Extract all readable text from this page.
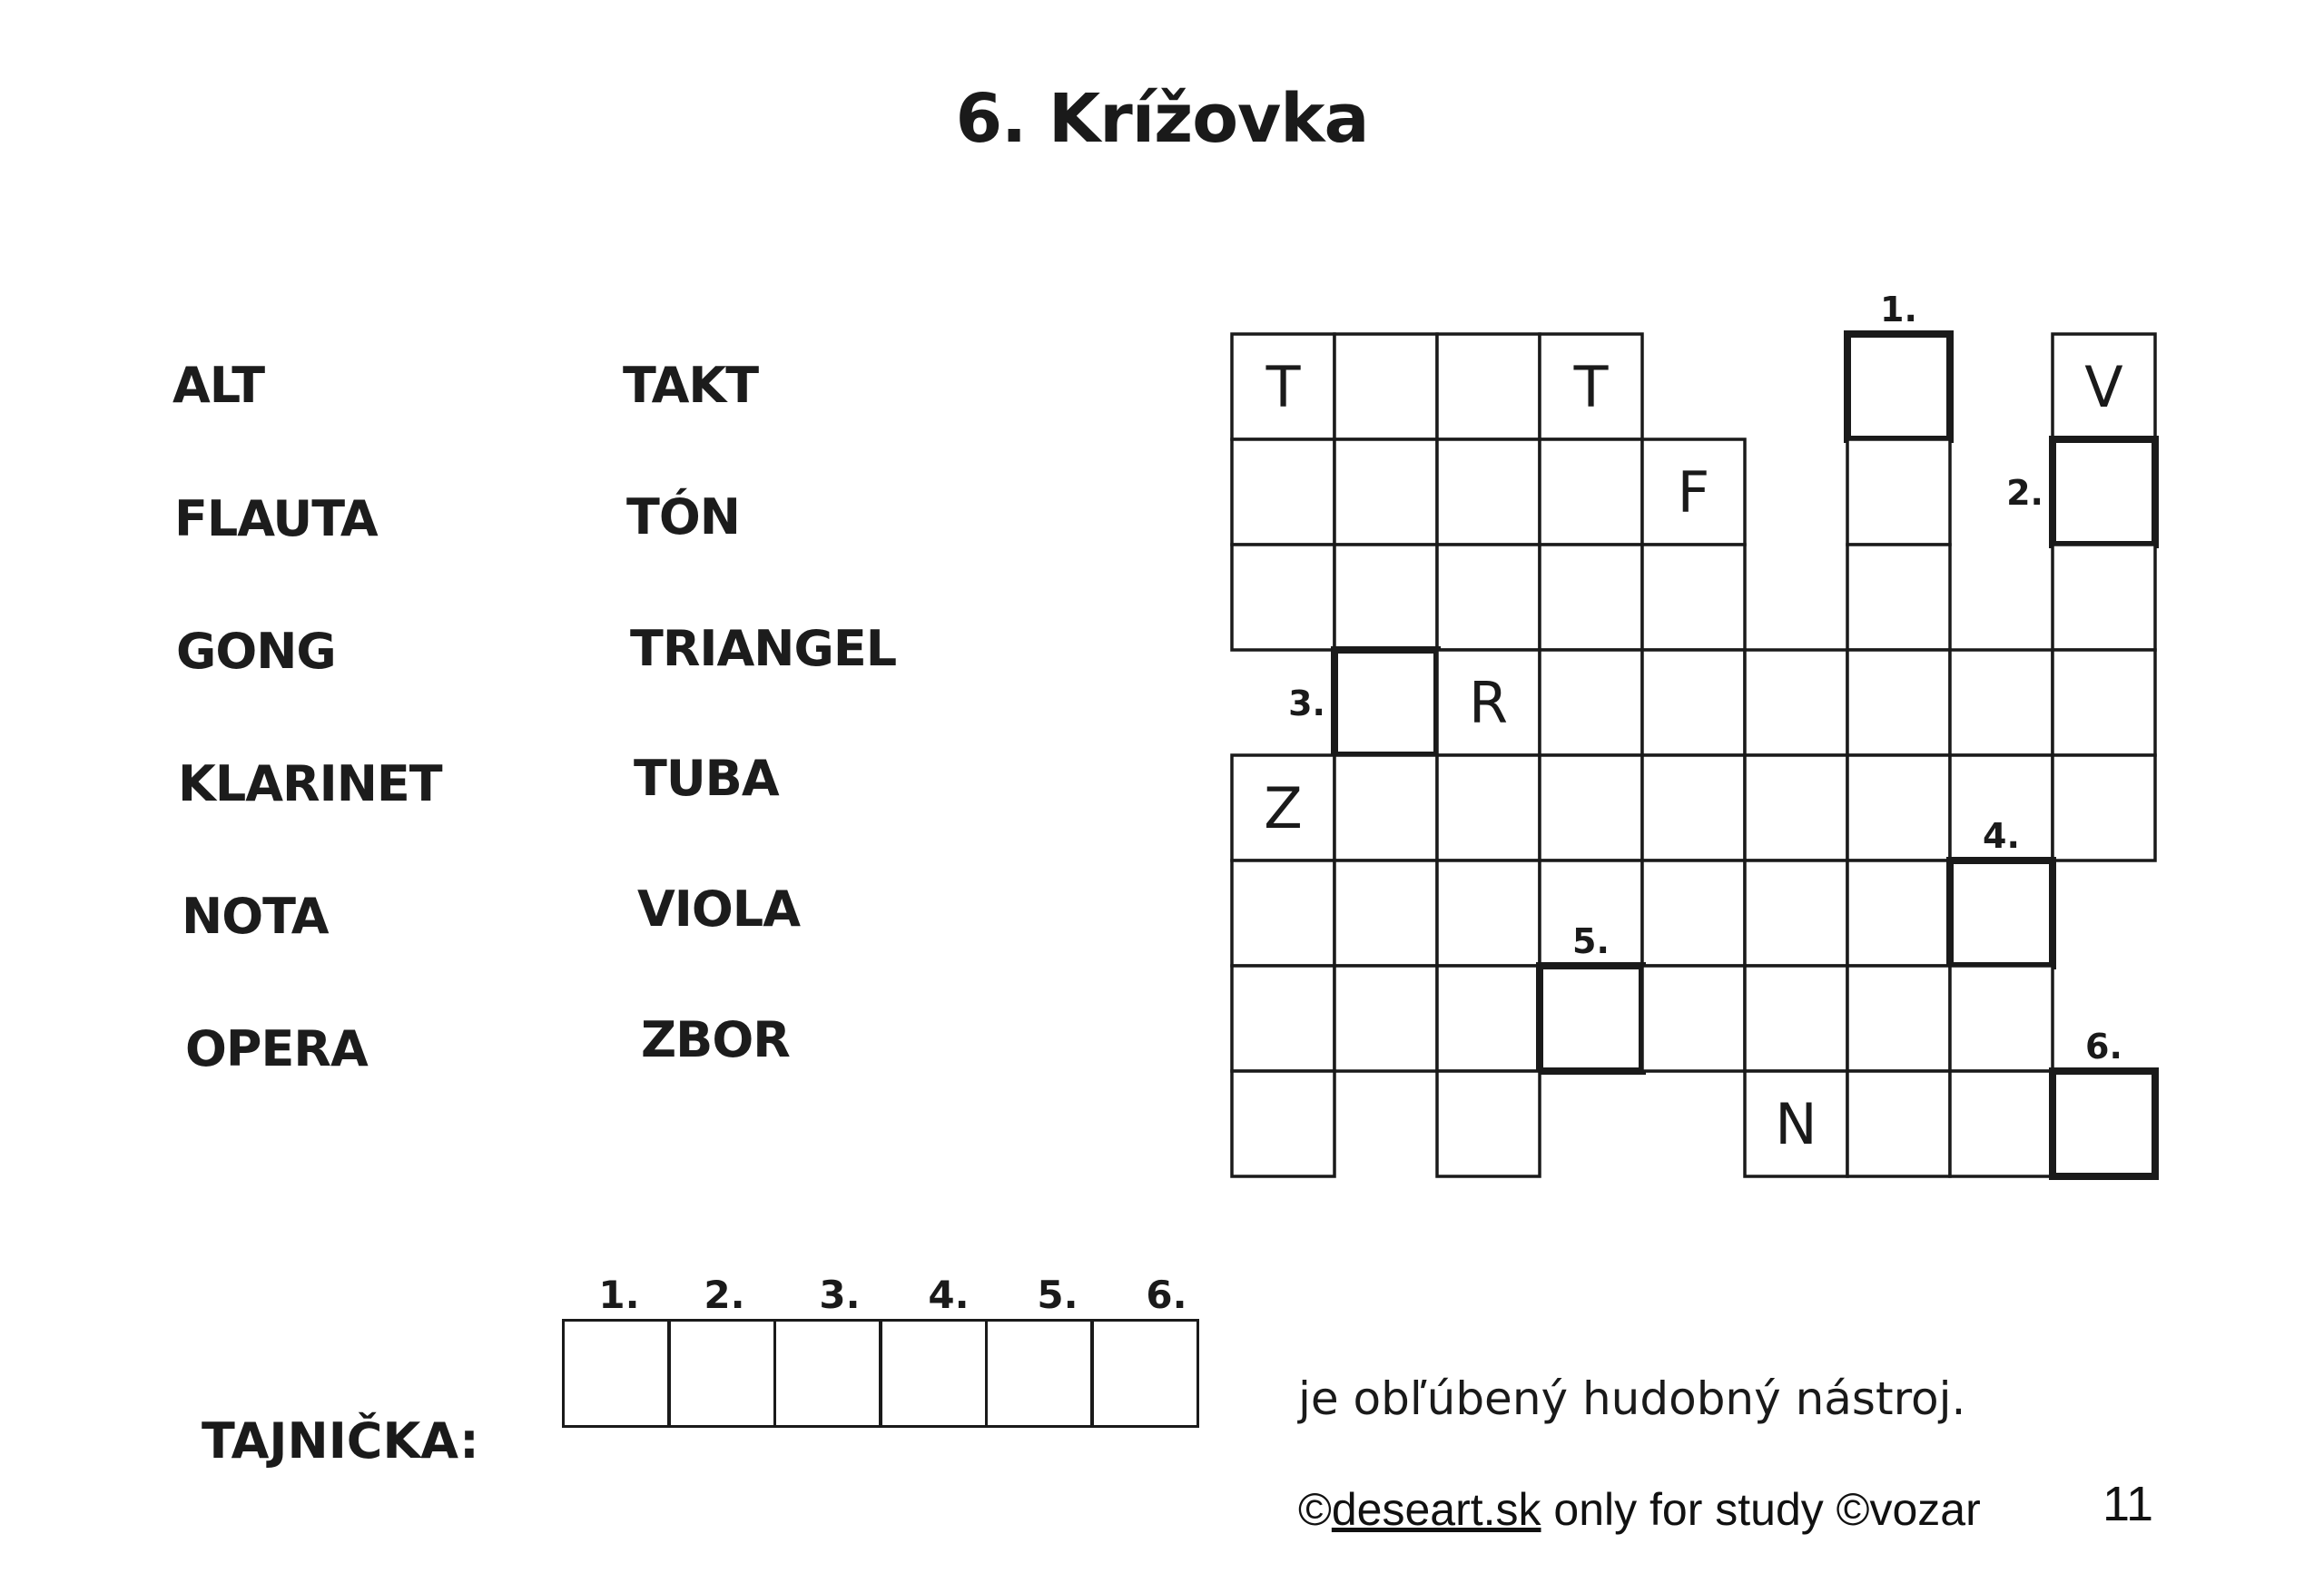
6. Krížovka
ALT
FLAUTA
GONG
KLARINET
NOTA
OPERA
TAKT
TÓN
TRIANGEL
TUBA
VIOLA
ZBOR
T	T	V
F
R
Z
N
1.
2.
3.
4.
5.
6.
TAJNIČKA:
1.	2.	3.	4.	5.	6.
je obľúbený hudobný nástroj.
©deseart.sk only for study ©vozar 11
